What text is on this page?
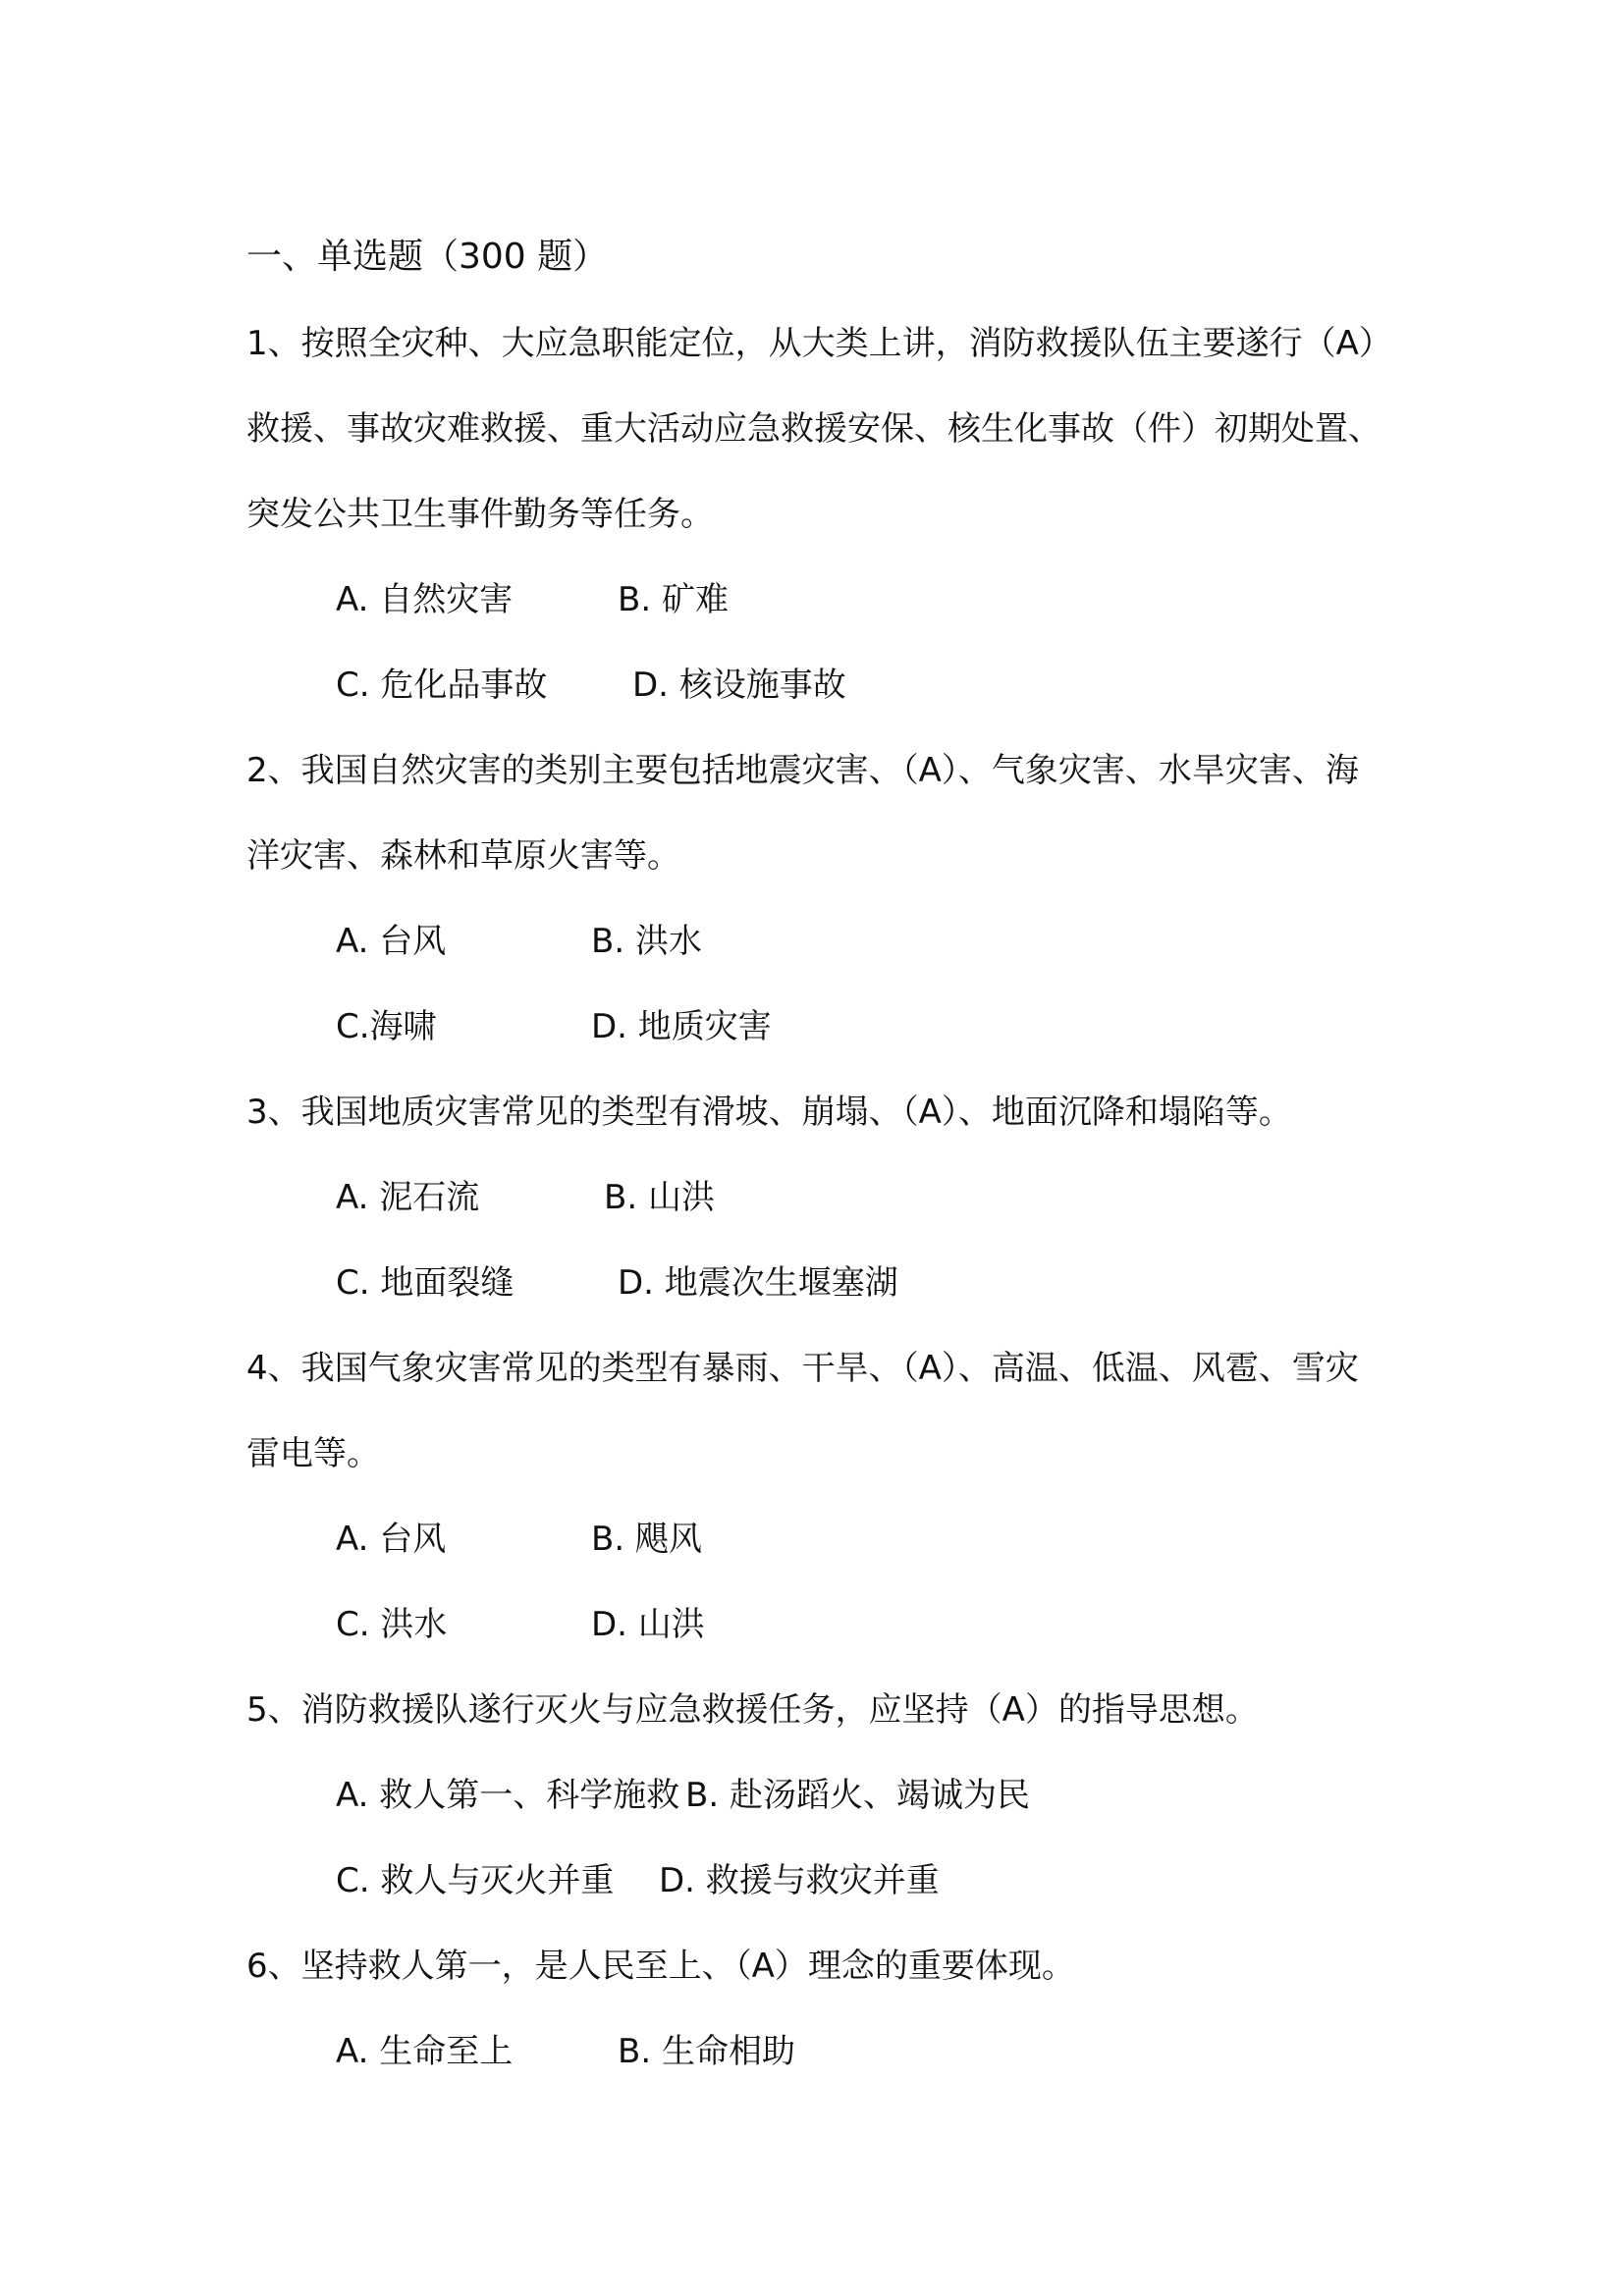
一、单选题（300 题）
1、按照全灾种、大应急职能定位，从大类上讲，消防救援队伍主要遂行（A）
救援、事故灾难救援、重大活动应急救援安保、核生化事故（件）初期处置、
突发公共卫生事件勤务等任务。
A. 自然灾害	B. 矿难
C. 危化品事故	D. 核设施事故
2、我国自然灾害的类别主要包括地震灾害、（A）、气象灾害、水旱灾害、海
洋灾害、森林和草原火害等。
A. 台风	B. 洪水
C.海啸	D. 地质灾害
3、我国地质灾害常见的类型有滑坡、崩塌、（A）、地面沉降和塌陷等。
A. 泥石流	B. 山洪
C. 地面裂缝	D. 地震次生堰塞湖
4、我国气象灾害常见的类型有暴雨、干旱、（A）、高温、低温、风雹、雪灾
雷电等。
A. 台风	B. 飓风
C. 洪水	D. 山洪
5、消防救援队遂行灭火与应急救援任务，应坚持（A）的指导思想。
A. 救人第一、科学施救 B. 赴汤蹈火、竭诚为民
C. 救人与灭火并重 D. 救援与救灾并重
6、坚持救人第一，是人民至上、（A）理念的重要体现。
A. 生命至上	B. 生命相助
